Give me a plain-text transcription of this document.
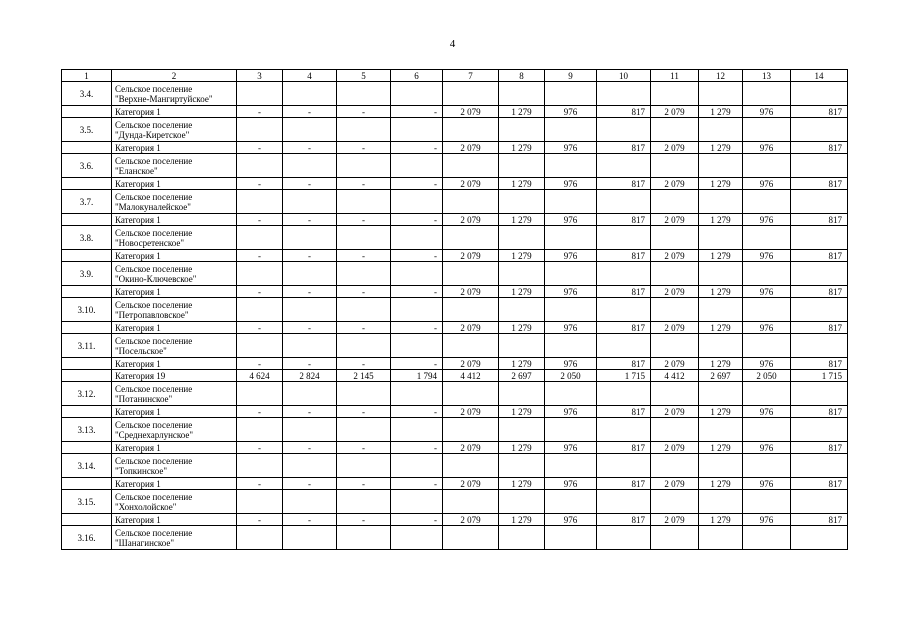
4
1	2	3	4	5	6	7	8	9	10	11	12	13	14
3.4.	Сельское поселение
"Верхне-Мангиртуйское"												

	Категория 1	-	-	-	-	2 079	1 279	976	817	2 079	1 279	976	817
3.5.	Сельское поселение
"Дунда-Киретское"												

	Категория 1	-	-	-	-	2 079	1 279	976	817	2 079	1 279	976	817
3.6.	Сельское поселение
"Еланское"												

	Категория 1	-	-	-	-	2 079	1 279	976	817	2 079	1 279	976	817
3.7.	Сельское поселение
"Малокуналейское"												

	Категория 1	-	-	-	-	2 079	1 279	976	817	2 079	1 279	976	817
3.8.	Сельское поселение
"Новосретенское"												

	Категория 1	-	-	-	-	2 079	1 279	976	817	2 079	1 279	976	817
3.9.	Сельское поселение
"Окино-Ключевское"												

	Категория 1	-	-	-	-	2 079	1 279	976	817	2 079	1 279	976	817
3.10.	Сельское поселение
"Петропавловское"												

	Категория 1	-	-	-	-	2 079	1 279	976	817	2 079	1 279	976	817
3.11.	Сельское поселение
"Посельское"												

	Категория 1	-	-	-	-	2 079	1 279	976	817	2 079	1 279	976	817
	Категория 19	4 624	2 824	2 145	1 794	4 412	2 697	2 050	1 715	4 412	2 697	2 050	1 715
3.12.	Сельское поселение
"Потанинское"												

	Категория 1	-	-	-	-	2 079	1 279	976	817	2 079	1 279	976	817
3.13.	Сельское поселение
"Среднехарлунское"												

	Категория 1	-	-	-	-	2 079	1 279	976	817	2 079	1 279	976	817
3.14.	Сельское поселение
"Топкинское"												

	Категория 1	-	-	-	-	2 079	1 279	976	817	2 079	1 279	976	817
3.15.	Сельское поселение
"Хонхолойское"												

	Категория 1	-	-	-	-	2 079	1 279	976	817	2 079	1 279	976	817
3.16.	Сельское поселение
"Шанагинское"												
